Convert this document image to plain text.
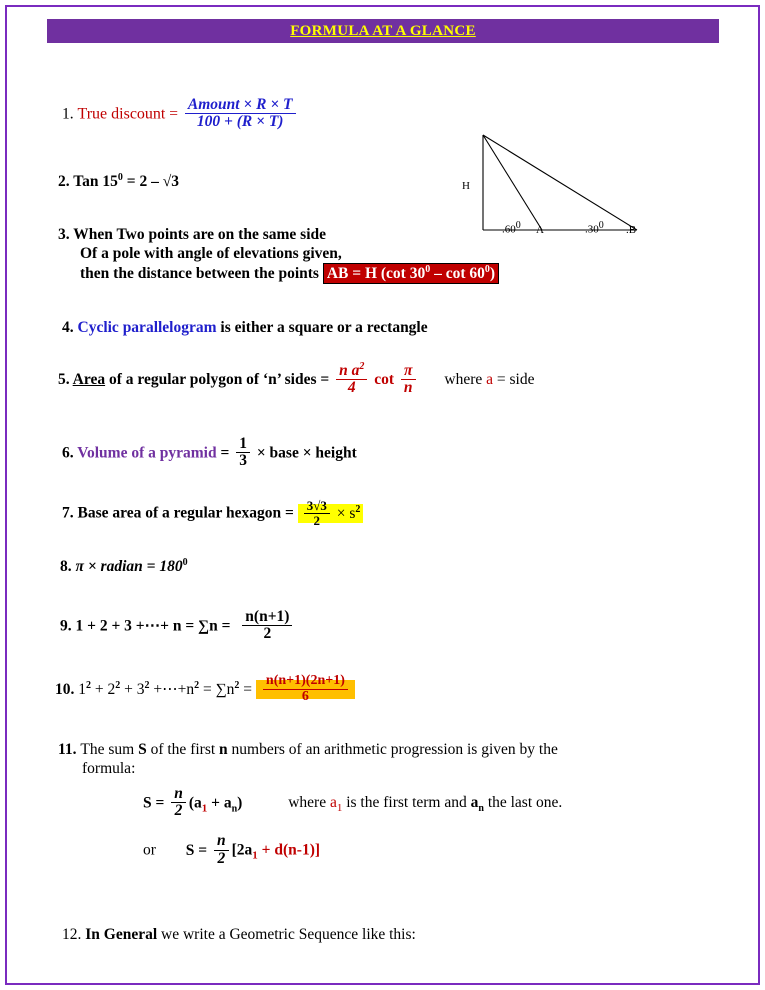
FORMULA AT A GLANCE
H
.600 A	.300 .B
1. True discount = $\frac{\text{Amount × R × T}}{100 + (R \times T)}$
2. Tan $15^0 = 2 - √3$
3. When Two points are on the same side
Of a pole with angle of elevations given,
then the distance between the points AB = H (cot $30^0$ – $\cot 60^0$)
4. Cyclic parallelogram is either a square or a rectangle
5. Area of a regular polygon of ‘n’ sides = $\frac{n a^2}{4}$ $\cot \frac{\pi}{n}$ where a = side
6. Volume of a pyramid = $\frac{1}{3}$ × base × height
7. Base area of a regular hexagon = $\frac{3√3}{2} \times s^2$
8. π × radian = $180^0$
9. 1 + 2 + 3 +⋯+ $n = \sum n = \frac{n(n+1)}{2}$
10. $1^2 + 2^2 + 3^2$ $+\cdots+n^2 = \sum n^2 = \frac{n(n+1)(2n+1)}{6}$
11. The sum S of the first n numbers of an arithmetic progression is given by the
formula:
$S = \frac{n}{2} (a_1 + a_n)$	where $a_1$ is the first term and $a_n$ the last one.
or $S = \frac{n}{2} [2a_1 + d(n-1)]$
12. In General we write a Geometric Sequence like this:
